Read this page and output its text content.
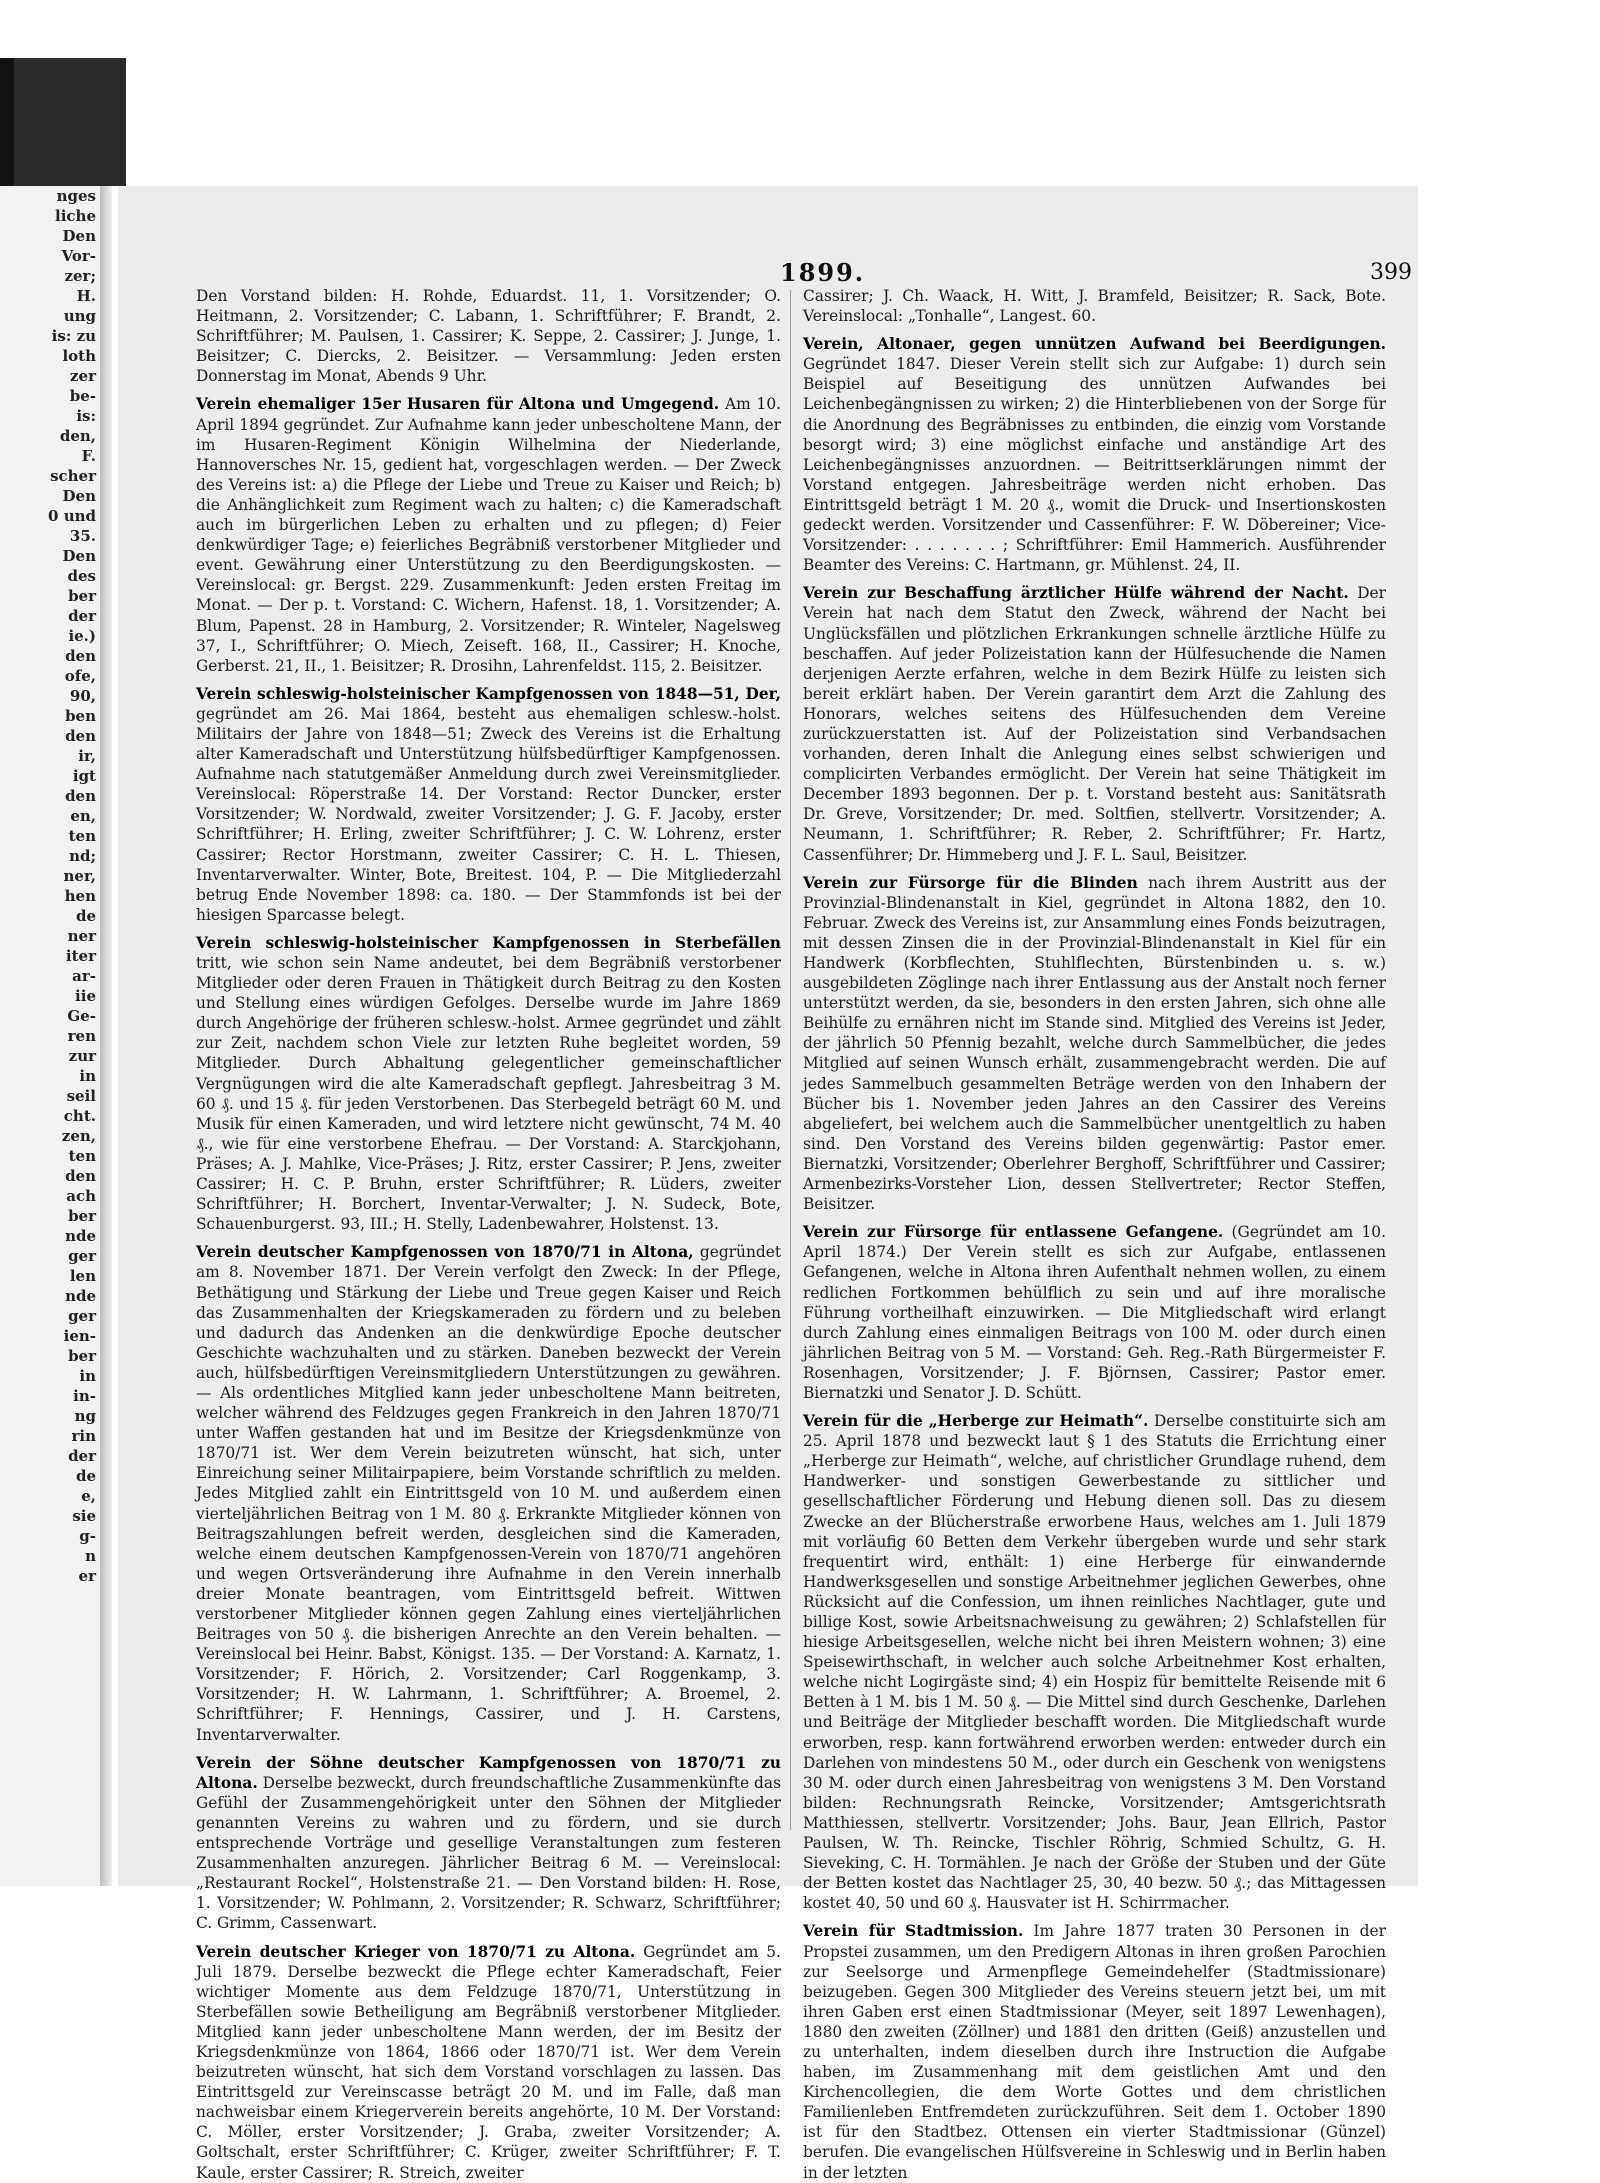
nges
liche
Den
Vor-
zer;
H.
ung
is: zu
loth
zer
be-
is:
den,
F.
scher
Den
0 und
35.
Den
des
ber
der
ie.)
den
ofe,
90,
ben
den
ir,
igt
den
en,
ten
nd;
ner,
hen
de
ner
iter
ar-
iie
Ge-
ren
zur
in
seil
cht.
zen,
ten
den
ach
ber
nde
ger
len
nde
ger
ien-
ber
in
in-
ng
rin
der
de
e,
sie
g-
n
er
1899.	399

Den Vorstand bilden: H. Rohde, Eduardst. 11, 1. Vorsitzender; O. Heitmann, 2. Vorsitzender; C. Labann, 1. Schriftführer; F. Brandt, 2. Schriftführer; M. Paulsen, 1. Cassirer; K. Seppe, 2. Cassirer; J. Junge, 1. Beisitzer; C. Diercks, 2. Beisitzer. — Versammlung: Jeden ersten Donnerstag im Monat, Abends 9 Uhr.

Verein ehemaliger 15er Husaren für Altona und Umgegend. Am 10. April 1894 gegründet. Zur Aufnahme kann jeder unbescholtene Mann, der im Husaren-Regiment Königin Wilhelmina der Niederlande, Hannoversches Nr. 15, gedient hat, vorgeschlagen werden. — Der Zweck des Vereins ist: a) die Pflege der Liebe und Treue zu Kaiser und Reich; b) die Anhänglichkeit zum Regiment wach zu halten; c) die Kameradschaft auch im bürgerlichen Leben zu erhalten und zu pflegen; d) Feier denkwürdiger Tage; e) feierliches Begräbniß verstorbener Mitglieder und event. Gewährung einer Unterstützung zu den Beerdigungskosten. — Vereinslocal: gr. Bergst. 229. Zusammenkunft: Jeden ersten Freitag im Monat. — Der p. t. Vorstand: C. Wichern, Hafenst. 18, 1. Vorsitzender; A. Blum, Papenst. 28 in Hamburg, 2. Vorsitzender; R. Winteler, Nagelsweg 37, I., Schriftführer; O. Miech, Zeiseft. 168, II., Cassirer; H. Knoche, Gerberst. 21, II., 1. Beisitzer; R. Drosihn, Lahrenfeldst. 115, 2. Beisitzer.

Verein schleswig-holsteinischer Kampfgenossen von 1848—51, Der, gegründet am 26. Mai 1864, besteht aus ehemaligen schlesw.-holst. Militairs der Jahre von 1848—51; Zweck des Vereins ist die Erhaltung alter Kameradschaft und Unterstützung hülfsbedürftiger Kampfgenossen. Aufnahme nach statutgemäßer Anmeldung durch zwei Vereinsmitglieder. Vereinslocal: Röperstraße 14. Der Vorstand: Rector Duncker, erster Vorsitzender; W. Nordwald, zweiter Vorsitzender; J. G. F. Jacoby, erster Schriftführer; H. Erling, zweiter Schriftführer; J. C. W. Lohrenz, erster Cassirer; Rector Horstmann, zweiter Cassirer; C. H. L. Thiesen, Inventarverwalter. Winter, Bote, Breitest. 104, P. — Die Mitgliederzahl betrug Ende November 1898: ca. 180. — Der Stammfonds ist bei der hiesigen Sparcasse belegt.

Verein schleswig-holsteinischer Kampfgenossen in Sterbefällen tritt, wie schon sein Name andeutet, bei dem Begräbniß verstorbener Mitglieder oder deren Frauen in Thätigkeit durch Beitrag zu den Kosten und Stellung eines würdigen Gefolges. Derselbe wurde im Jahre 1869 durch Angehörige der früheren schlesw.-holst. Armee gegründet und zählt zur Zeit, nachdem schon Viele zur letzten Ruhe begleitet worden, 59 Mitglieder. Durch Abhaltung gelegentlicher gemeinschaftlicher Vergnügungen wird die alte Kameradschaft gepflegt. Jahresbeitrag 3 M. 60 ₰. und 15 ₰. für jeden Verstorbenen. Das Sterbegeld beträgt 60 M. und Musik für einen Kameraden, und wird letztere nicht gewünscht, 74 M. 40 ₰., wie für eine verstorbene Ehefrau. — Der Vorstand: A. Starckjohann, Präses; A. J. Mahlke, Vice-Präses; J. Ritz, erster Cassirer; P. Jens, zweiter Cassirer; H. C. P. Bruhn, erster Schriftführer; R. Lüders, zweiter Schriftführer; H. Borchert, Inventar-Verwalter; J. N. Sudeck, Bote, Schauenburgerst. 93, III.; H. Stelly, Ladenbewahrer, Holstenst. 13.

Verein deutscher Kampfgenossen von 1870/71 in Altona, gegründet am 8. November 1871. Der Verein verfolgt den Zweck: In der Pflege, Bethätigung und Stärkung der Liebe und Treue gegen Kaiser und Reich das Zusammenhalten der Kriegskameraden zu fördern und zu beleben und dadurch das Andenken an die denkwürdige Epoche deutscher Geschichte wachzuhalten und zu stärken. Daneben bezweckt der Verein auch, hülfsbedürftigen Vereinsmitgliedern Unterstützungen zu gewähren. — Als ordentliches Mitglied kann jeder unbescholtene Mann beitreten, welcher während des Feldzuges gegen Frankreich in den Jahren 1870/71 unter Waffen gestanden hat und im Besitze der Kriegsdenkmünze von 1870/71 ist. Wer dem Verein beizutreten wünscht, hat sich, unter Einreichung seiner Militairpapiere, beim Vorstande schriftlich zu melden. Jedes Mitglied zahlt ein Eintrittsgeld von 10 M. und außerdem einen vierteljährlichen Beitrag von 1 M. 80 ₰. Erkrankte Mitglieder können von Beitragszahlungen befreit werden, desgleichen sind die Kameraden, welche einem deutschen Kampfgenossen-Verein von 1870/71 angehören und wegen Ortsveränderung ihre Aufnahme in den Verein innerhalb dreier Monate beantragen, vom Eintrittsgeld befreit. Wittwen verstorbener Mitglieder können gegen Zahlung eines vierteljährlichen Beitrages von 50 ₰. die bisherigen Anrechte an den Verein behalten. — Vereinslocal bei Heinr. Babst, Königst. 135. — Der Vorstand: A. Karnatz, 1. Vorsitzender; F. Hörich, 2. Vorsitzender; Carl Roggenkamp, 3. Vorsitzender; H. W. Lahrmann, 1. Schriftführer; A. Broemel, 2. Schriftführer; F. Hennings, Cassirer, und J. H. Carstens, Inventarverwalter.

Verein der Söhne deutscher Kampfgenossen von 1870/71 zu Altona. Derselbe bezweckt, durch freundschaftliche Zusammenkünfte das Gefühl der Zusammengehörigkeit unter den Söhnen der Mitglieder genannten Vereins zu wahren und zu fördern, und sie durch entsprechende Vorträge und gesellige Veranstaltungen zum festeren Zusammenhalten anzuregen. Jährlicher Beitrag 6 M. — Vereinslocal: „Restaurant Rockel“, Holstenstraße 21. — Den Vorstand bilden: H. Rose, 1. Vorsitzender; W. Pohlmann, 2. Vorsitzender; R. Schwarz, Schriftführer; C. Grimm, Cassenwart.

Verein deutscher Krieger von 1870/71 zu Altona. Gegründet am 5. Juli 1879. Derselbe bezweckt die Pflege echter Kameradschaft, Feier wichtiger Momente aus dem Feldzuge 1870/71, Unterstützung in Sterbefällen sowie Betheiligung am Begräbniß verstorbener Mitglieder. Mitglied kann jeder unbescholtene Mann werden, der im Besitz der Kriegsdenkmünze von 1864, 1866 oder 1870/71 ist. Wer dem Verein beizutreten wünscht, hat sich dem Vorstand vorschlagen zu lassen. Das Eintrittsgeld zur Vereinscasse beträgt 20 M. und im Falle, daß man nachweisbar einem Kriegerverein bereits angehörte, 10 M. Der Vorstand: C. Möller, erster Vorsitzender; J. Graba, zweiter Vorsitzender; A. Goltschalt, erster Schriftführer; C. Krüger, zweiter Schriftführer; F. T. Kaule, erster Cassirer; R. Streich, zweiter

Cassirer; J. Ch. Waack, H. Witt, J. Bramfeld, Beisitzer; R. Sack, Bote. Vereinslocal: „Tonhalle“, Langest. 60.

Verein, Altonaer, gegen unnützen Aufwand bei Beerdigungen. Gegründet 1847. Dieser Verein stellt sich zur Aufgabe: 1) durch sein Beispiel auf Beseitigung des unnützen Aufwandes bei Leichenbegängnissen zu wirken; 2) die Hinterbliebenen von der Sorge für die Anordnung des Begräbnisses zu entbinden, die einzig vom Vorstande besorgt wird; 3) eine möglichst einfache und anständige Art des Leichenbegängnisses anzuordnen. — Beitrittserklärungen nimmt der Vorstand entgegen. Jahresbeiträge werden nicht erhoben. Das Eintrittsgeld beträgt 1 M. 20 ₰., womit die Druck- und Insertionskosten gedeckt werden. Vorsitzender und Cassenführer: F. W. Döbereiner; Vice-Vorsitzender: . . . . . . . ; Schriftführer: Emil Hammerich. Ausführender Beamter des Vereins: C. Hartmann, gr. Mühlenst. 24, II.

Verein zur Beschaffung ärztlicher Hülfe während der Nacht. Der Verein hat nach dem Statut den Zweck, während der Nacht bei Unglücksfällen und plötzlichen Erkrankungen schnelle ärztliche Hülfe zu beschaffen. Auf jeder Polizeistation kann der Hülfesuchende die Namen derjenigen Aerzte erfahren, welche in dem Bezirk Hülfe zu leisten sich bereit erklärt haben. Der Verein garantirt dem Arzt die Zahlung des Honorars, welches seitens des Hülfesuchenden dem Vereine zurückzuerstatten ist. Auf der Polizeistation sind Verbandsachen vorhanden, deren Inhalt die Anlegung eines selbst schwierigen und complicirten Verbandes ermöglicht. Der Verein hat seine Thätigkeit im December 1893 begonnen. Der p. t. Vorstand besteht aus: Sanitätsrath Dr. Greve, Vorsitzender; Dr. med. Soltfien, stellvertr. Vorsitzender; A. Neumann, 1. Schriftführer; R. Reber, 2. Schriftführer; Fr. Hartz, Cassenführer; Dr. Himmeberg und J. F. L. Saul, Beisitzer.

Verein zur Fürsorge für die Blinden nach ihrem Austritt aus der Provinzial-Blindenanstalt in Kiel, gegründet in Altona 1882, den 10. Februar. Zweck des Vereins ist, zur Ansammlung eines Fonds beizutragen, mit dessen Zinsen die in der Provinzial-Blindenanstalt in Kiel für ein Handwerk (Korbflechten, Stuhlflechten, Bürstenbinden u. s. w.) ausgebildeten Zöglinge nach ihrer Entlassung aus der Anstalt noch ferner unterstützt werden, da sie, besonders in den ersten Jahren, sich ohne alle Beihülfe zu ernähren nicht im Stande sind. Mitglied des Vereins ist Jeder, der jährlich 50 Pfennig bezahlt, welche durch Sammelbücher, die jedes Mitglied auf seinen Wunsch erhält, zusammengebracht werden. Die auf jedes Sammelbuch gesammelten Beträge werden von den Inhabern der Bücher bis 1. November jeden Jahres an den Cassirer des Vereins abgeliefert, bei welchem auch die Sammelbücher unentgeltlich zu haben sind. Den Vorstand des Vereins bilden gegenwärtig: Pastor emer. Biernatzki, Vorsitzender; Oberlehrer Berghoff, Schriftführer und Cassirer; Armenbezirks-Vorsteher Lion, dessen Stellvertreter; Rector Steffen, Beisitzer.

Verein zur Fürsorge für entlassene Gefangene. (Gegründet am 10. April 1874.) Der Verein stellt es sich zur Aufgabe, entlassenen Gefangenen, welche in Altona ihren Aufenthalt nehmen wollen, zu einem redlichen Fortkommen behülflich zu sein und auf ihre moralische Führung vortheilhaft einzuwirken. — Die Mitgliedschaft wird erlangt durch Zahlung eines einmaligen Beitrags von 100 M. oder durch einen jährlichen Beitrag von 5 M. — Vorstand: Geh. Reg.-Rath Bürgermeister F. Rosenhagen, Vorsitzender; J. F. Björnsen, Cassirer; Pastor emer. Biernatzki und Senator J. D. Schütt.

Verein für die „Herberge zur Heimath“. Derselbe constituirte sich am 25. April 1878 und bezweckt laut § 1 des Statuts die Errichtung einer „Herberge zur Heimath“, welche, auf christlicher Grundlage ruhend, dem Handwerker- und sonstigen Gewerbestande zu sittlicher und gesellschaftlicher Förderung und Hebung dienen soll. Das zu diesem Zwecke an der Blücherstraße erworbene Haus, welches am 1. Juli 1879 mit vorläufig 60 Betten dem Verkehr übergeben wurde und sehr stark frequentirt wird, enthält: 1) eine Herberge für einwandernde Handwerksgesellen und sonstige Arbeitnehmer jeglichen Gewerbes, ohne Rücksicht auf die Confession, um ihnen reinliches Nachtlager, gute und billige Kost, sowie Arbeitsnachweisung zu gewähren; 2) Schlafstellen für hiesige Arbeitsgesellen, welche nicht bei ihren Meistern wohnen; 3) eine Speisewirthschaft, in welcher auch solche Arbeitnehmer Kost erhalten, welche nicht Logirgäste sind; 4) ein Hospiz für bemittelte Reisende mit 6 Betten à 1 M. bis 1 M. 50 ₰. — Die Mittel sind durch Geschenke, Darlehen und Beiträge der Mitglieder beschafft worden. Die Mitgliedschaft wurde erworben, resp. kann fortwährend erworben werden: entweder durch ein Darlehen von mindestens 50 M., oder durch ein Geschenk von wenigstens 30 M. oder durch einen Jahresbeitrag von wenigstens 3 M. Den Vorstand bilden: Rechnungsrath Reincke, Vorsitzender; Amtsgerichtsrath Matthiessen, stellvertr. Vorsitzender; Johs. Baur, Jean Ellrich, Pastor Paulsen, W. Th. Reincke, Tischler Röhrig, Schmied Schultz, G. H. Sieveking, C. H. Tormählen. Je nach der Größe der Stuben und der Güte der Betten kostet das Nachtlager 25, 30, 40 bezw. 50 ₰.; das Mittagessen kostet 40, 50 und 60 ₰. Hausvater ist H. Schirrmacher.

Verein für Stadtmission. Im Jahre 1877 traten 30 Personen in der Propstei zusammen, um den Predigern Altonas in ihren großen Parochien zur Seelsorge und Armenpflege Gemeindehelfer (Stadtmissionare) beizugeben. Gegen 300 Mitglieder des Vereins steuern jetzt bei, um mit ihren Gaben erst einen Stadtmissionar (Meyer, seit 1897 Lewenhagen), 1880 den zweiten (Zöllner) und 1881 den dritten (Geiß) anzustellen und zu unterhalten, indem dieselben durch ihre Instruction die Aufgabe haben, im Zusammenhang mit dem geistlichen Amt und den Kirchencollegien, die dem Worte Gottes und dem christlichen Familienleben Entfremdeten zurückzuführen. Seit dem 1. October 1890 ist für den Stadtbez. Ottensen ein vierter Stadtmissionar (Günzel) berufen. Die evangelischen Hülfsvereine in Schleswig und in Berlin haben in der letzten
